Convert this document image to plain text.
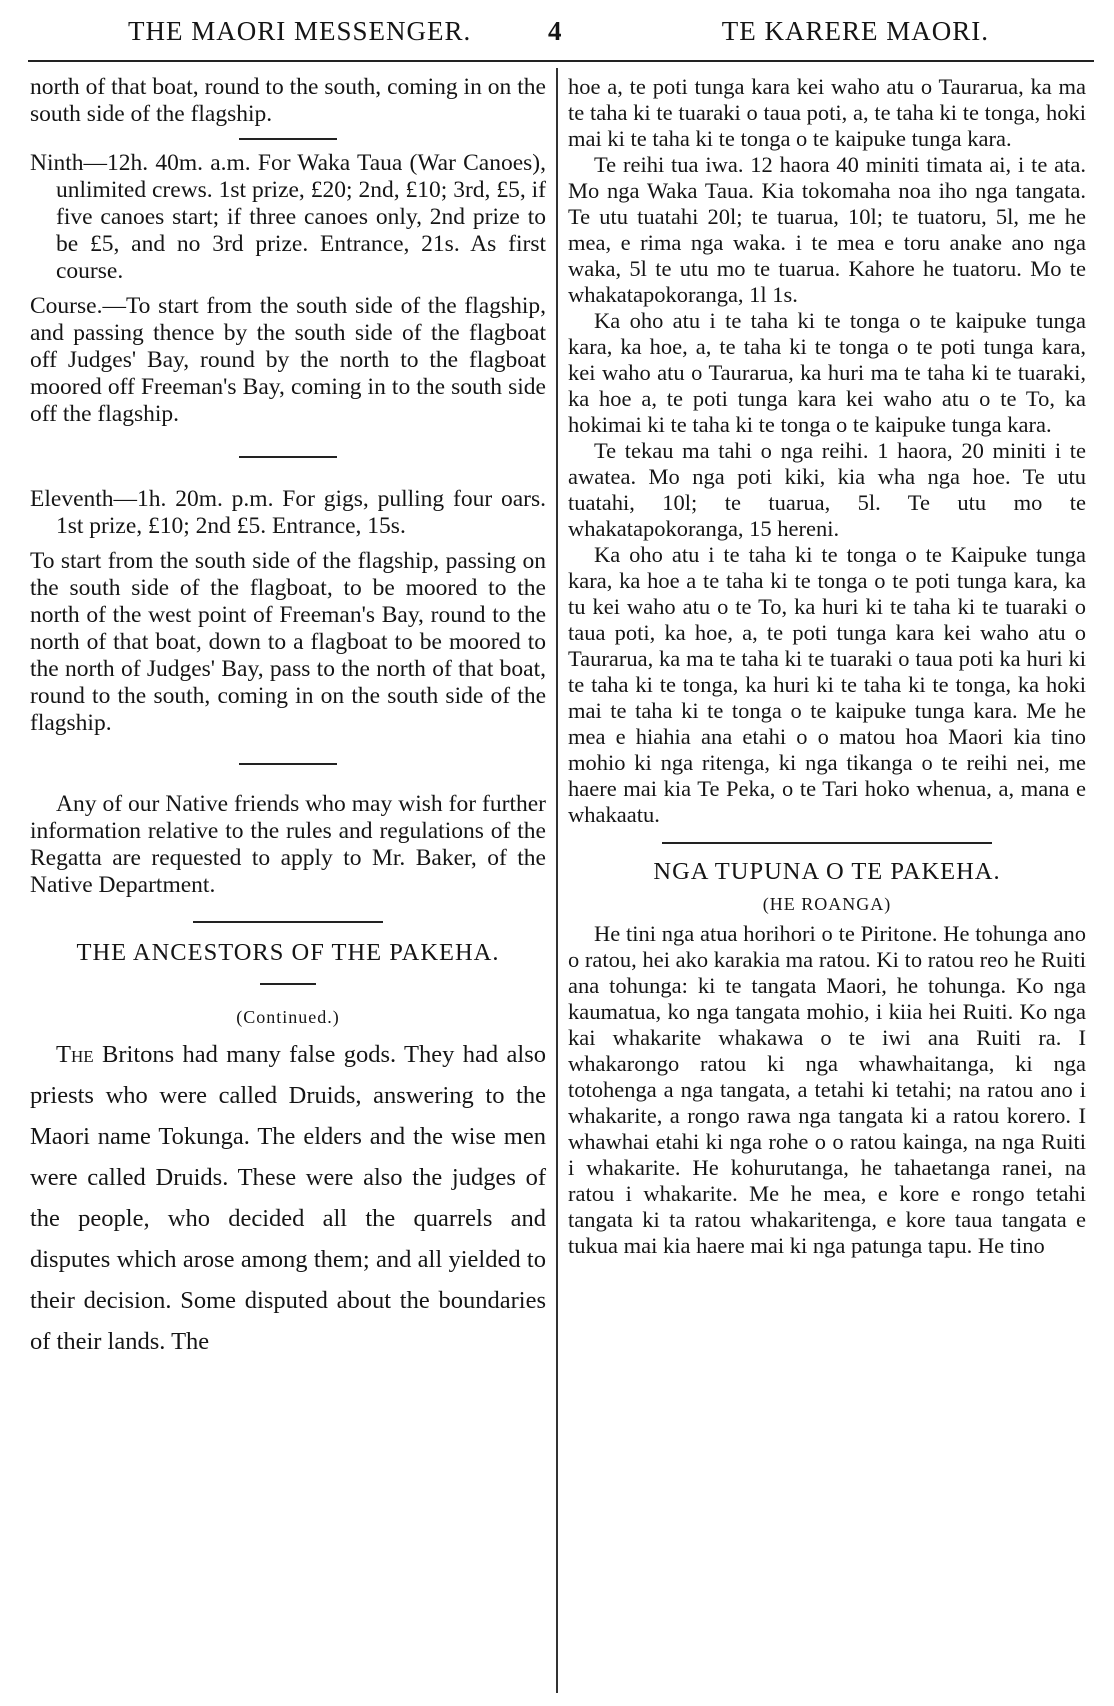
THE MAORI MESSENGER.	4	TE KARERE MAORI.

north of that boat, round to the south, coming in on the south side of the flagship.

Ninth—12h. 40m. a.m. For Waka Taua (War Canoes), unlimited crews. 1st prize, £20; 2nd, £10; 3rd, £5, if five canoes start; if three canoes only, 2nd prize to be £5, and no 3rd prize. Entrance, 21s. As first course.

Course.—To start from the south side of the flagship, and passing thence by the south side of the flagboat off Judges' Bay, round by the north to the flagboat moored off Freeman's Bay, coming in to the south side off the flagship.

Eleventh—1h. 20m. p.m. For gigs, pulling four oars. 1st prize, £10; 2nd £5. Entrance, 15s.

To start from the south side of the flagship, passing on the south side of the flagboat, to be moored to the north of the west point of Freeman's Bay, round to the north of that boat, down to a flagboat to be moored to the north of Judges' Bay, pass to the north of that boat, round to the south, coming in on the south side of the flagship.

Any of our Native friends who may wish for further information relative to the rules and regulations of the Regatta are requested to apply to Mr. Baker, of the Native Department.

THE ANCESTORS OF THE PAKEHA.

(Continued.)

The Britons had many false gods. They had also priests who were called Druids, answering to the Maori name Tokunga. The elders and the wise men were called Druids. These were also the judges of the people, who decided all the quarrels and disputes which arose among them; and all yielded to their decision. Some disputed about the boundaries of their lands. The

hoe a, te poti tunga kara kei waho atu o Taurarua, ka ma te taha ki te tuaraki o taua poti, a, te taha ki te tonga, hoki mai ki te taha ki te tonga o te kaipuke tunga kara.

Te reihi tua iwa. 12 haora 40 miniti timata ai, i te ata. Mo nga Waka Taua. Kia tokomaha noa iho nga tangata. Te utu tuatahi 20l; te tuarua, 10l; te tuatoru, 5l, me he mea, e rima nga waka. i te mea e toru anake ano nga waka, 5l te utu mo te tuarua. Kahore he tuatoru. Mo te whakatapokoranga, 1l 1s.

Ka oho atu i te taha ki te tonga o te kaipuke tunga kara, ka hoe, a, te taha ki te tonga o te poti tunga kara, kei waho atu o Taurarua, ka huri ma te taha ki te tuaraki, ka hoe a, te poti tunga kara kei waho atu o te To, ka hokimai ki te taha ki te tonga o te kaipuke tunga kara.

Te tekau ma tahi o nga reihi. 1 haora, 20 miniti i te awatea. Mo nga poti kiki, kia wha nga hoe. Te utu tuatahi, 10l; te tuarua, 5l. Te utu mo te whakatapokoranga, 15 hereni.

Ka oho atu i te taha ki te tonga o te Kaipuke tunga kara, ka hoe a te taha ki te tonga o te poti tunga kara, ka tu kei waho atu o te To, ka huri ki te taha ki te tuaraki o taua poti, ka hoe, a, te poti tunga kara kei waho atu o Taurarua, ka ma te taha ki te tuaraki o taua poti ka huri ki te taha ki te tonga, ka huri ki te taha ki te tonga, ka hoki mai te taha ki te tonga o te kaipuke tunga kara. Me he mea e hiahia ana etahi o o matou hoa Maori kia tino mohio ki nga ritenga, ki nga tikanga o te reihi nei, me haere mai kia Te Peka, o te Tari hoko whenua, a, mana e whakaatu.

NGA TUPUNA O TE PAKEHA.

(HE ROANGA)

He tini nga atua horihori o te Piritone. He tohunga ano o ratou, hei ako karakia ma ratou. Ki to ratou reo he Ruiti ana tohunga: ki te tangata Maori, he tohunga. Ko nga kaumatua, ko nga tangata mohio, i kiia hei Ruiti. Ko nga kai whakarite whakawa o te iwi ana Ruiti ra. I whakarongo ratou ki nga whawhaitanga, ki nga totohenga a nga tangata, a tetahi ki tetahi; na ratou ano i whakarite, a rongo rawa nga tangata ki a ratou korero. I whawhai etahi ki nga rohe o o ratou kainga, na nga Ruiti i whakarite. He kohurutanga, he tahaetanga ranei, na ratou i whakarite. Me he mea, e kore e rongo tetahi tangata ki ta ratou whakaritenga, e kore taua tangata e tukua mai kia haere mai ki nga patunga tapu. He tino
